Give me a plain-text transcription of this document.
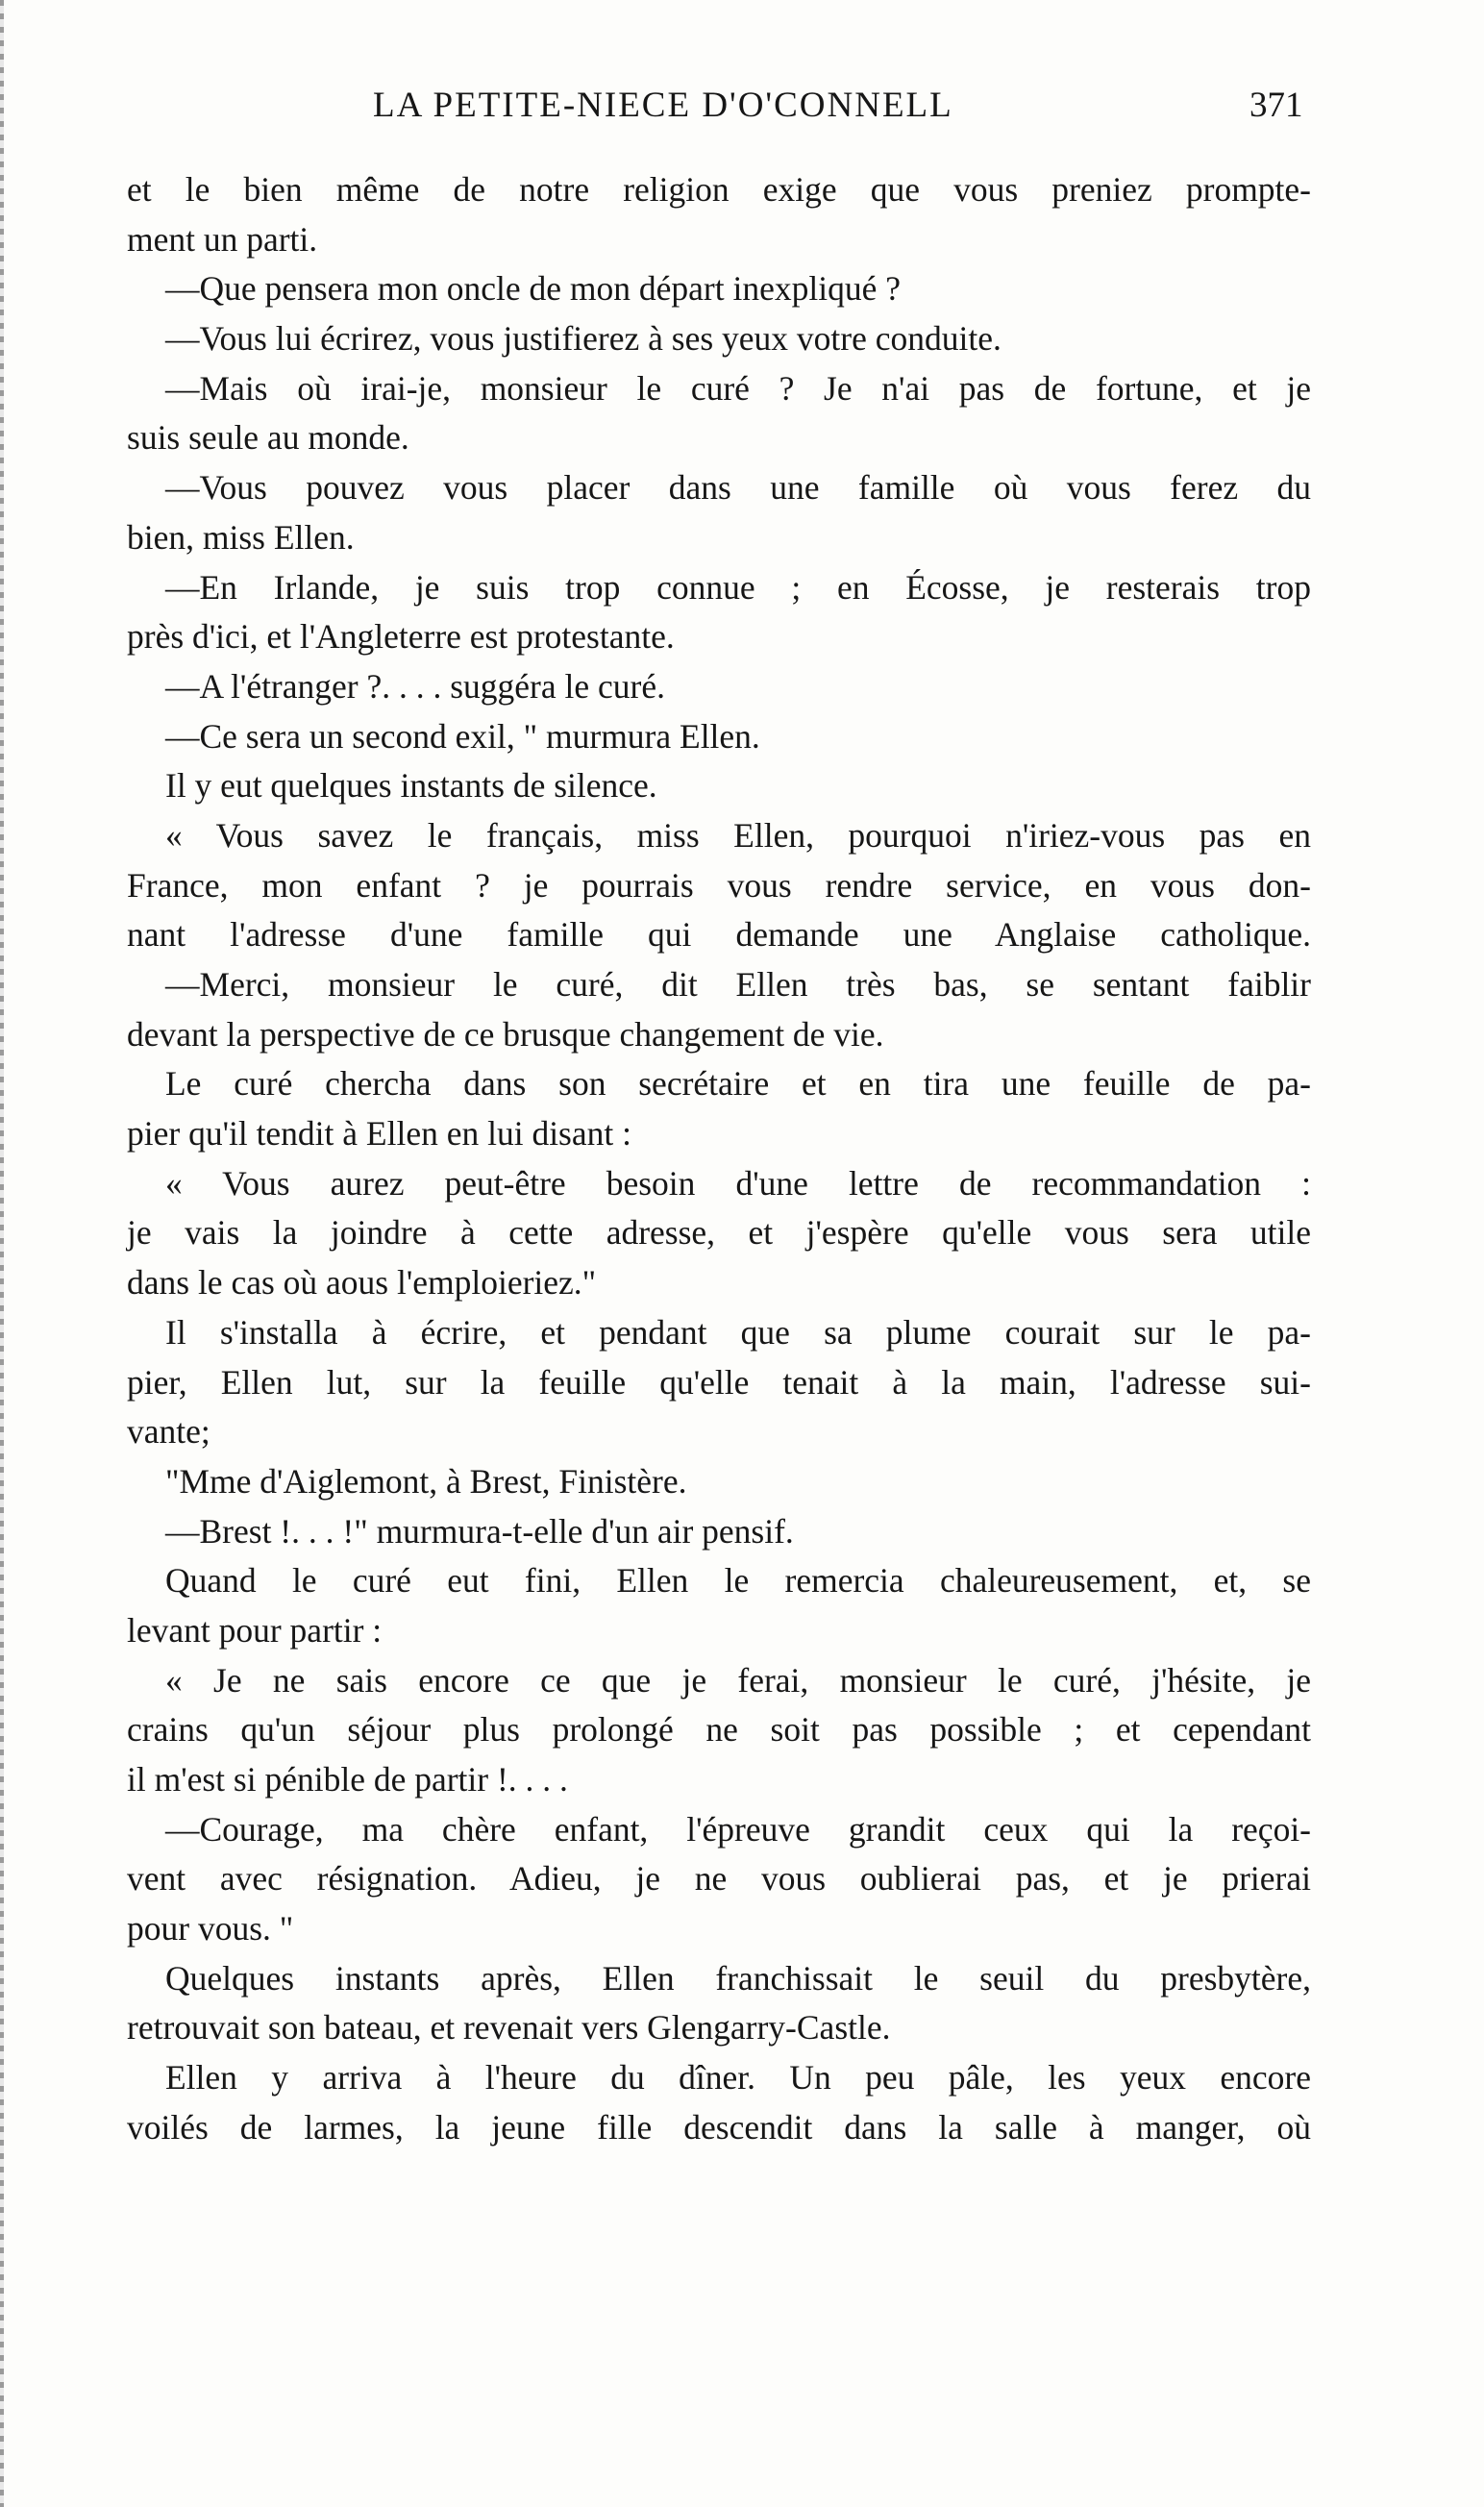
LA PETITE-NIECE D'O'CONNELL	371
et le bien même de notre religion exige que vous preniez prompte-
ment un parti.
—Que pensera mon oncle de mon départ inexpliqué ?
—Vous lui écrirez, vous justifierez à ses yeux votre conduite.
—Mais où irai-je, monsieur le curé ? Je n'ai pas de fortune, et je
suis seule au monde.
—Vous pouvez vous placer dans une famille où vous ferez du
bien, miss Ellen.
—En Irlande, je suis trop connue ; en Écosse, je resterais trop
près d'ici, et l'Angleterre est protestante.
—A l'étranger ?. . . . suggéra le curé.
—Ce sera un second exil, " murmura Ellen.
Il y eut quelques instants de silence.
« Vous savez le français, miss Ellen, pourquoi n'iriez-vous pas en
France, mon enfant ? je pourrais vous rendre service, en vous don-
nant l'adresse d'une famille qui demande une Anglaise catholique.
—Merci, monsieur le curé, dit Ellen très bas, se sentant faiblir
devant la perspective de ce brusque changement de vie.
Le curé chercha dans son secrétaire et en tira une feuille de pa-
pier qu'il tendit à Ellen en lui disant :
« Vous aurez peut-être besoin d'une lettre de recommandation :
je vais la joindre à cette adresse, et j'espère qu'elle vous sera utile
dans le cas où aous l'emploieriez."
Il s'installa à écrire, et pendant que sa plume courait sur le pa-
pier, Ellen lut, sur la feuille qu'elle tenait à la main, l'adresse sui-
vante;
"Mme d'Aiglemont, à Brest, Finistère.
—Brest !. . . !" murmura-t-elle d'un air pensif.
Quand le curé eut fini, Ellen le remercia chaleureusement, et, se
levant pour partir :
« Je ne sais encore ce que je ferai, monsieur le curé, j'hésite, je
crains qu'un séjour plus prolongé ne soit pas possible ; et cependant
il m'est si pénible de partir !. . . .
—Courage, ma chère enfant, l'épreuve grandit ceux qui la reçoi-
vent avec résignation. Adieu, je ne vous oublierai pas, et je prierai
pour vous. "
Quelques instants après, Ellen franchissait le seuil du presbytère,
retrouvait son bateau, et revenait vers Glengarry-Castle.
Ellen y arriva à l'heure du dîner. Un peu pâle, les yeux encore
voilés de larmes, la jeune fille descendit dans la salle à manger, où
